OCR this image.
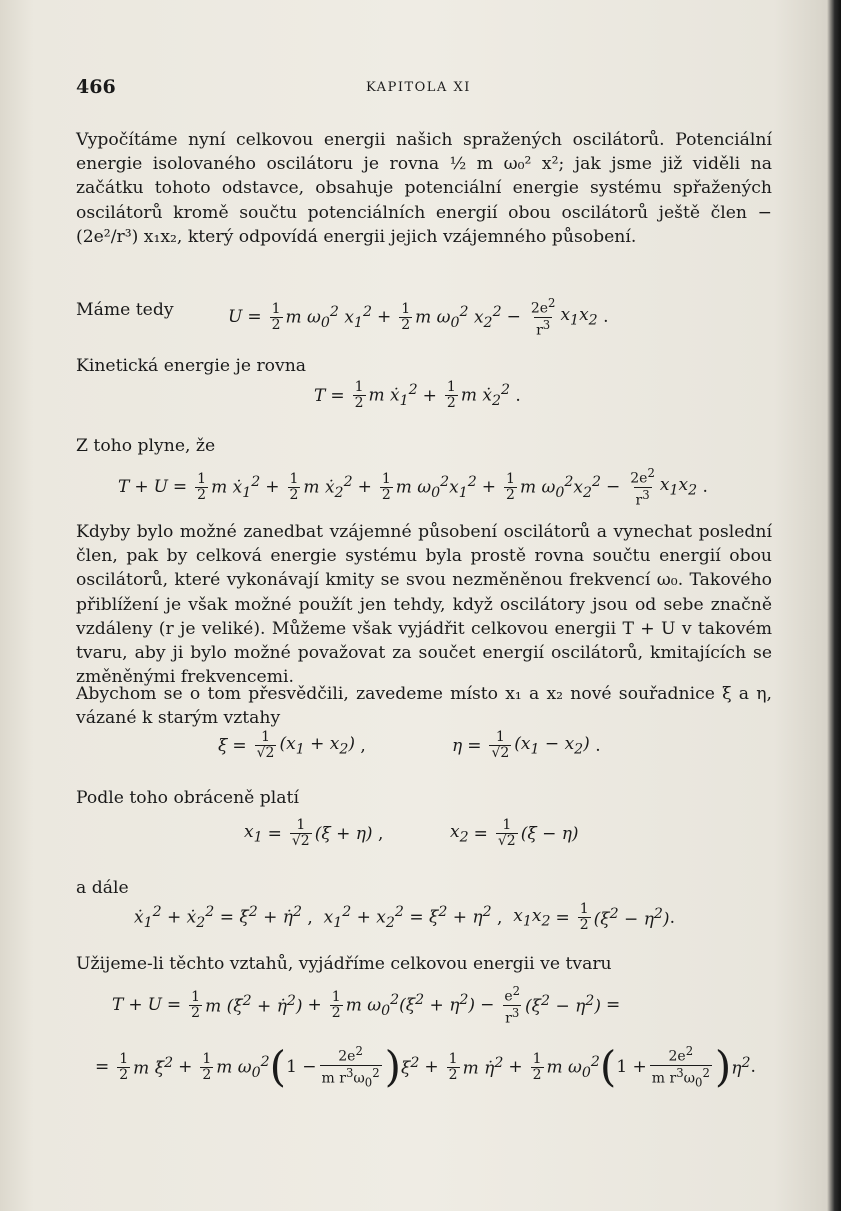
466	KAPITOLA XI

Vypočítáme nyní celkovou energii našich spražených oscilátorů. Potenciální energie isolovaného oscilátoru je rovna ½ m ω₀² x²; jak jsme již viděli na začátku tohoto odstavce, obsahuje potenciální energie systému spřažených oscilátorů kromě součtu potenciálních energií obou oscilátorů ještě člen − (2e²/r³) x₁x₂, který odpovídá energii jejich vzájemného působení.

Máme tedy	$U = \frac{1}{2}$ m $\omega_0^2$ $x_1^2 + \frac{1}{2}$ m $\omega_0^2$ $x_2^2 - \frac{2e^2}{r^3} x_1x_2$ .
Kinetická energie je rovna
$T = \frac{1}{2}$ m ẋ$_1^2$ + $\frac{1}{2}$ m ẋ$_2^2$ .
Z toho plyne, že
$T + U = \frac{1}{2}$ m ẋ$_1^2$ + $\frac{1}{2}$ m ẋ$_2^2$ + $\frac{1}{2}$ m $\omega_0^2x_1^2 + \frac{1}{2}$ m $\omega_0^2x_2^2 - \frac{2e^2}{r^3} x_1x_2$ .

Kdyby bylo možné zanedbat vzájemné působení oscilátorů a vynechat poslední člen, pak by celková energie systému byla prostě rovna součtu energií obou oscilátorů, které vykonávají kmity se svou nezměněnou frekvencí ω₀. Takového přiblížení je však možné použít jen tehdy, když oscilátory jsou od sebe značně vzdáleny (r je veliké). Můžeme však vyjádřit celkovou energii T + U v takovém tvaru, aby ji bylo možné považovat za součet energií oscilátorů, kmitajících se změněnými frekvencemi.

Abychom se o tom přesvědčili, zavedeme místo x₁ a x₂ nové souřadnice ξ a η, vázané k starým vztahy

$\xi = \frac{1}{√2} (x_1 + x_2)$ ,	$\eta = \frac{1}{√2} (x_1 - x_2)$ .
Podle toho obráceně platí
$x_1 = \frac{1}{√2} (\xi + \eta)$ ,	$x_2 = \frac{1}{√2} (\xi - \eta)$
a dále
ẋ$_1^2$ + ẋ$_2^2$ = ξ̇$^2$ + η̇$^2$ , $x_1^2 + x_2^2 = \xi^2 + \eta^2$ , $x_1x_2 = \frac{1}{2} (\xi^2 - \eta^2)$ .
Užijeme-li těchto vztahů, vyjádříme celkovou energii ve tvaru
$T + U = \frac{1}{2}$ m (ξ̇$^2$ + η̇$^2$) + $\frac{1}{2}$ m $\omega_0^2(\xi^2 + \eta^2) - \frac{e^2}{r^3} (\xi^2 - \eta^2)$ =
= $\frac{1}{2}$ m ξ̇$^2$ + $\frac{1}{2}$ m $\omega_0^2$ ( $1 - \frac{2e^2}{m r^3\omega_0^2}$ ) $\xi^2 + \frac{1}{2}$ m η̇$^2$ + $\frac{1}{2}$ m $\omega_0^2$ ( $1 + \frac{2e^2}{m r^3\omega_0^2}$ ) $\eta^2$ .
